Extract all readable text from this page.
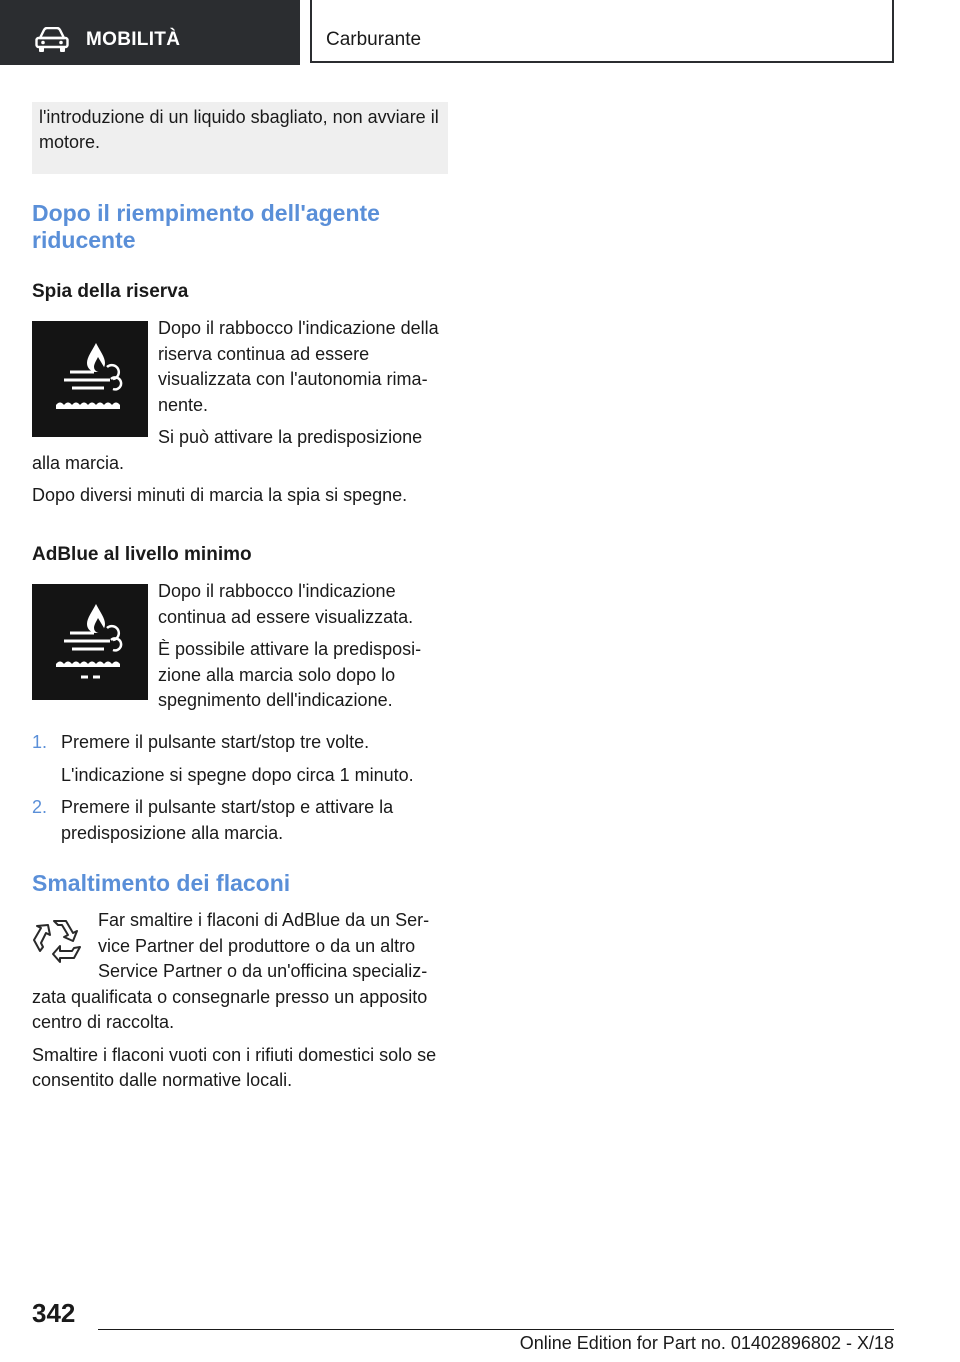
MOBILITÀ	Carburante
l'introduzione di un liquido sbagliato, non avviare il motore.
Dopo il riempimento dell'agente riducente
Spia della riserva

Dopo il rabbocco l'indicazione della riserva continua ad essere visualizzata con l'autonomia rimanente.

Si può attivare la predisposizione alla marcia.

Dopo diversi minuti di marcia la spia si spegne.

AdBlue al livello minimo

Dopo il rabbocco l'indicazione continua ad essere visualizzata.

È possibile attivare la predisposizione alla marcia solo dopo lo spegnimento dell'indicazione.

1. Premere il pulsante start/stop tre volte.
L'indicazione si spegne dopo circa 1 minuto.
2. Premere il pulsante start/stop e attivare la predisposizione alla marcia.
Smaltimento dei flaconi

Far smaltire i flaconi di AdBlue da un Service Partner del produttore o da un altro Service Partner o da un'officina specializzata qualificata o consegnarle presso un apposito centro di raccolta.

Smaltire i flaconi vuoti con i rifiuti domestici solo se consentito dalle normative locali.

342
Online Edition for Part no. 01402896802 - X/18
